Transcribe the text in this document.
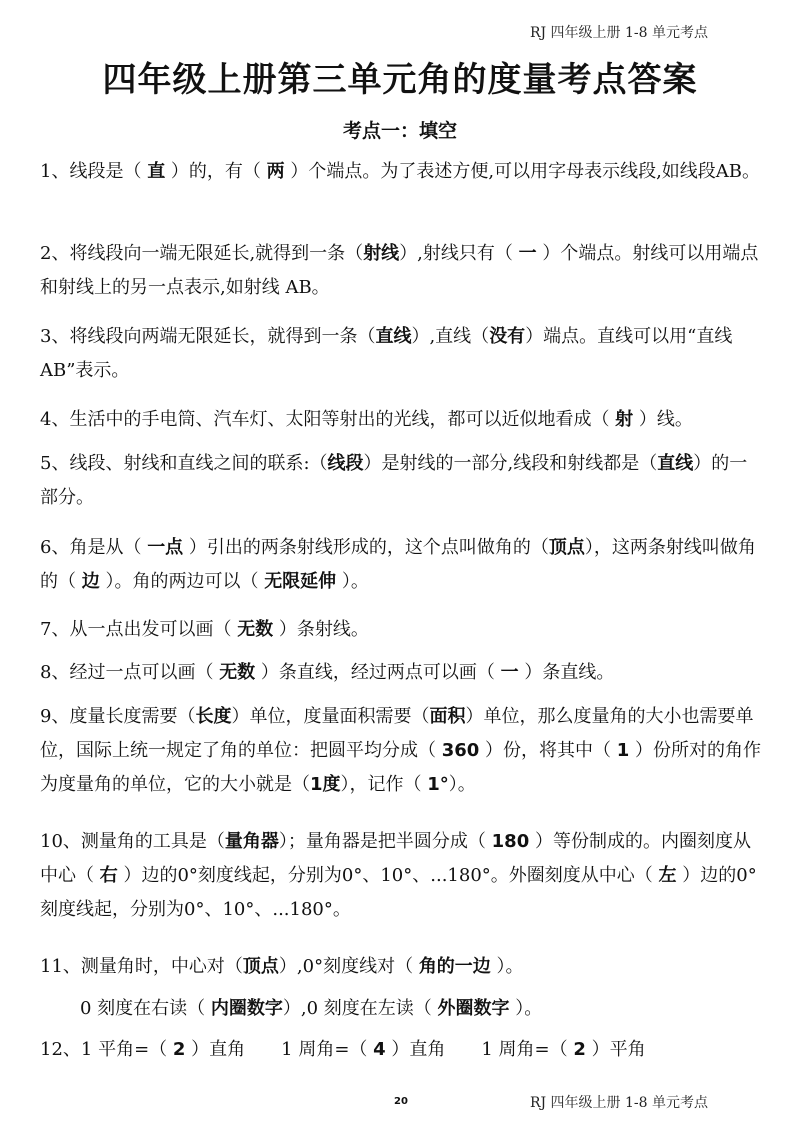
RJ 四年级上册 1-8 单元考点
四年级上册第三单元角的度量考点答案
考点一：填空
1、线段是（ 直 ）的，有（ 两 ）个端点。为了表述方便,可以用字母表示线段,如线段AB。
2、将线段向一端无限延长,就得到一条（射线）,射线只有（ 一 ）个端点。射线可以用端点和射线上的另一点表示,如射线 AB。
3、将线段向两端无限延长，就得到一条（直线）,直线（没有）端点。直线可以用“直线 AB”表示。
4、生活中的手电筒、汽车灯、太阳等射出的光线，都可以近似地看成（ 射 ）线。
5、线段、射线和直线之间的联系:（线段）是射线的一部分,线段和射线都是（直线）的一部分。
6、角是从（ 一点 ）引出的两条射线形成的，这个点叫做角的（顶点），这两条射线叫做角的（ 边 ）。角的两边可以（ 无限延伸 ）。
7、从一点出发可以画（ 无数 ）条射线。
8、经过一点可以画（ 无数 ）条直线，经过两点可以画（ 一 ）条直线。
9、度量长度需要（长度）单位，度量面积需要（面积）单位，那么度量角的大小也需要单位，国际上统一规定了角的单位：把圆平均分成（ 360 ）份，将其中（ 1 ）份所对的角作为度量角的单位，它的大小就是（1度），记作（ 1°）。
10、测量角的工具是（量角器）；量角器是把半圆分成（ 180 ）等份制成的。内圈刻度从中心（ 右 ）边的0°刻度线起，分别为0°、10°、...180°。外圈刻度从中心（ 左 ）边的0°刻度线起，分别为0°、10°、...180°。
11、测量角时，中心对（顶点）,0°刻度线对（ 角的一边 ）。
0 刻度在右读（ 内圈数字）,0 刻度在左读（ 外圈数字 ）。
12、1 平角=（ 2 ）直角　　1 周角=（ 4 ）直角　　1 周角=（ 2 ）平角
20	RJ 四年级上册 1-8 单元考点
